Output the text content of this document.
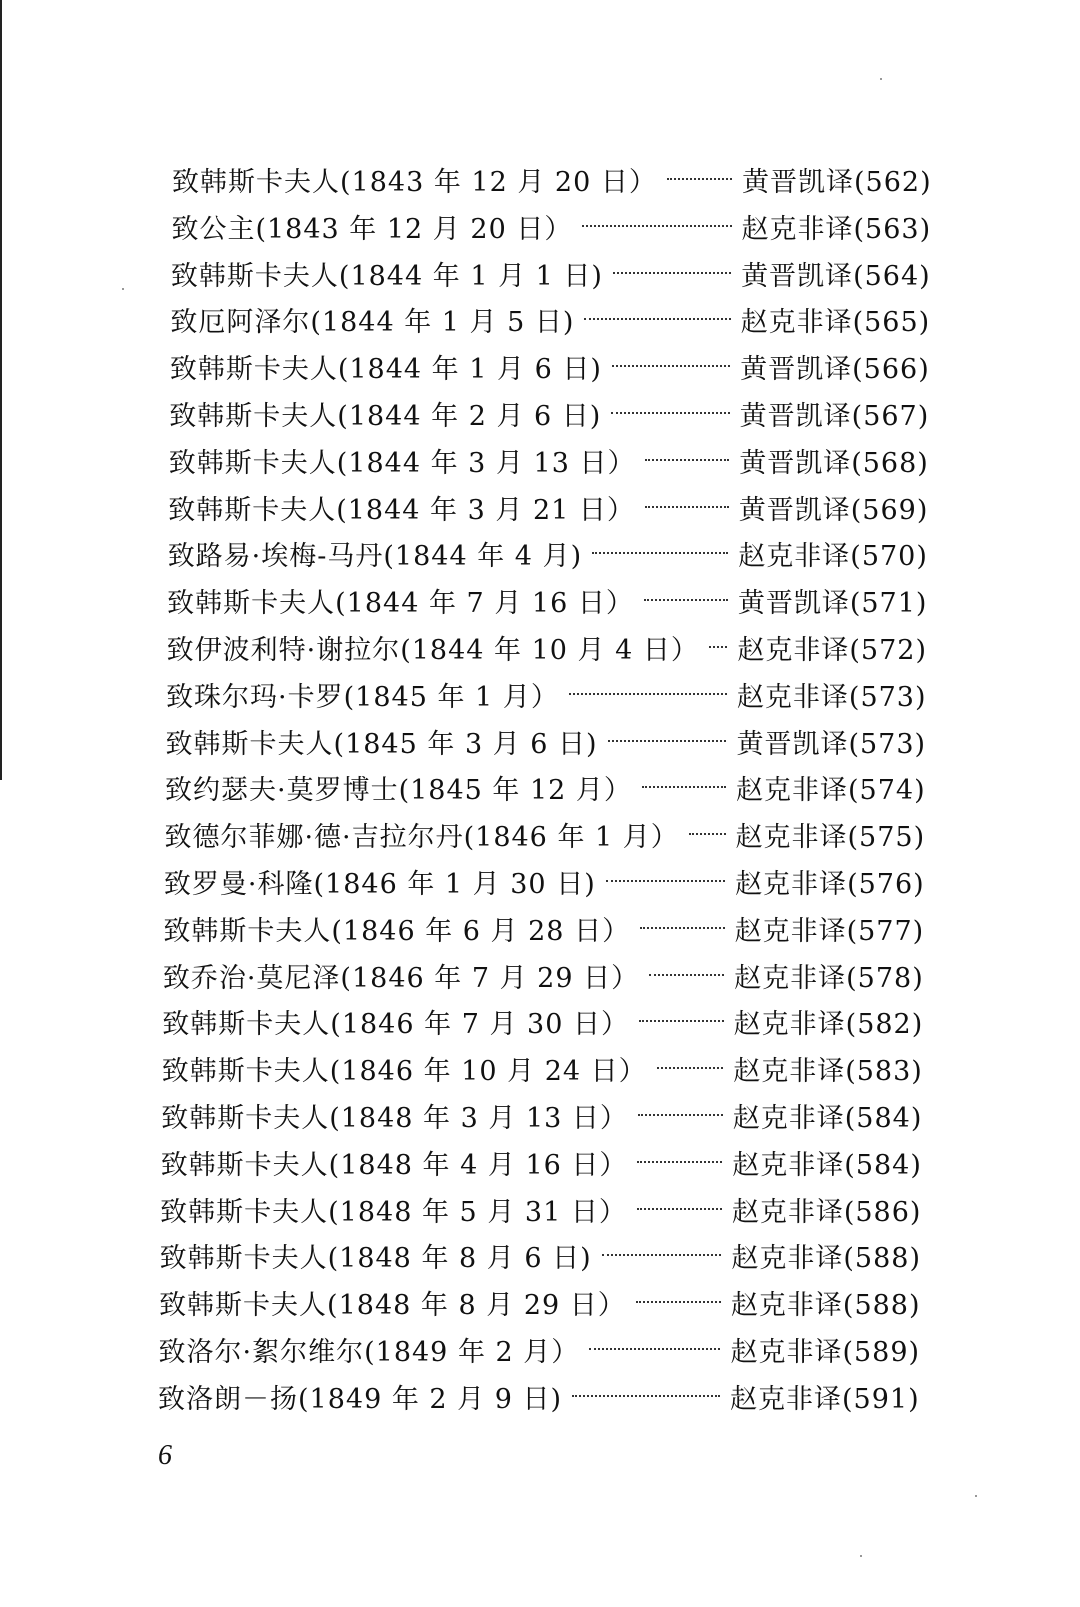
致韩斯卡夫人(1843 年 12 月 20 日）	黄晋凯译(562)
致公主(1843 年 12 月 20 日）	赵克非译(563)
致韩斯卡夫人(1844 年 1 月 1 日)	黄晋凯译(564)
致厄阿泽尔(1844 年 1 月 5 日)	赵克非译(565)
致韩斯卡夫人(1844 年 1 月 6 日)	黄晋凯译(566)
致韩斯卡夫人(1844 年 2 月 6 日)	黄晋凯译(567)
致韩斯卡夫人(1844 年 3 月 13 日）	黄晋凯译(568)
致韩斯卡夫人(1844 年 3 月 21 日）	黄晋凯译(569)
致路易·埃梅-马丹(1844 年 4 月)	赵克非译(570)
致韩斯卡夫人(1844 年 7 月 16 日）	黄晋凯译(571)
致伊波利特·谢拉尔(1844 年 10 月 4 日） 赵克非译(572)
致珠尔玛·卡罗(1845 年 1 月）	赵克非译(573)
致韩斯卡夫人(1845 年 3 月 6 日)	黄晋凯译(573)
致约瑟夫·莫罗博士(1845 年 12 月）	赵克非译(574)
致德尔菲娜·德·吉拉尔丹(1846 年 1 月） 赵克非译(575)
致罗曼·科隆(1846 年 1 月 30 日)	赵克非译(576)
致韩斯卡夫人(1846 年 6 月 28 日）	赵克非译(577)
致乔治·莫尼泽(1846 年 7 月 29 日）	赵克非译(578)
致韩斯卡夫人(1846 年 7 月 30 日）	赵克非译(582)
致韩斯卡夫人(1846 年 10 月 24 日）	赵克非译(583)
致韩斯卡夫人(1848 年 3 月 13 日）	赵克非译(584)
致韩斯卡夫人(1848 年 4 月 16 日）	赵克非译(584)
致韩斯卡夫人(1848 年 5 月 31 日）	赵克非译(586)
致韩斯卡夫人(1848 年 8 月 6 日)	赵克非译(588)
致韩斯卡夫人(1848 年 8 月 29 日）	赵克非译(588)
致洛尔·絮尔维尔(1849 年 2 月）	赵克非译(589)
致洛朗－扬(1849 年 2 月 9 日)	赵克非译(591)
6
